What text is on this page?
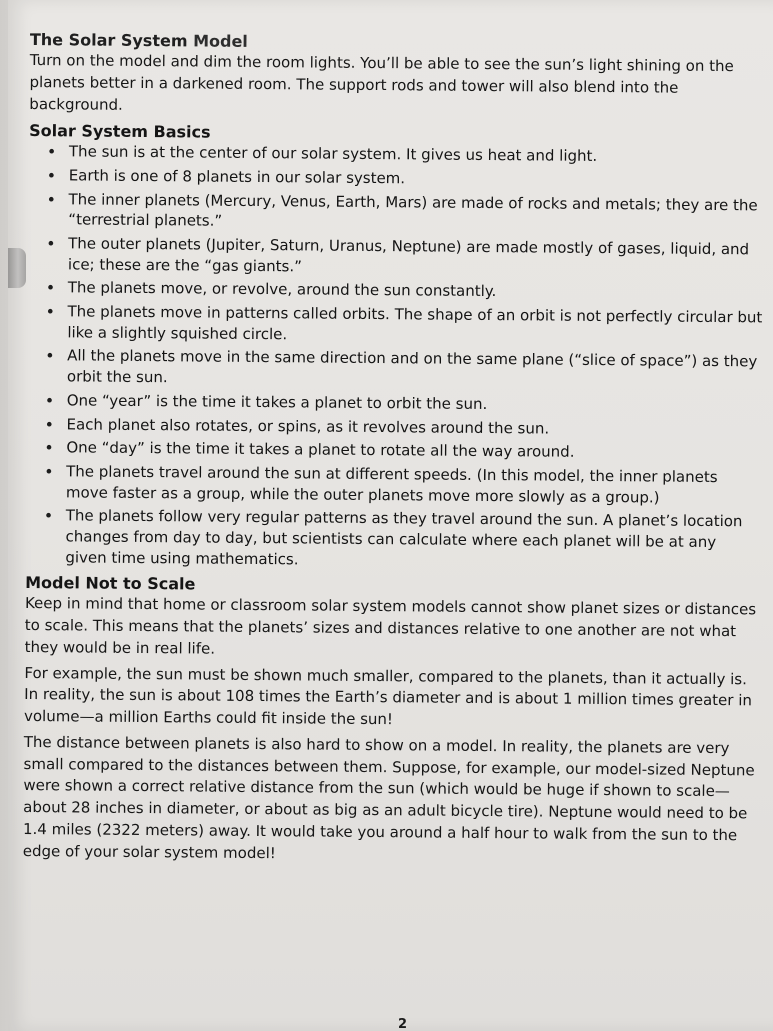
The Solar System Model

Turn on the model and dim the room lights. You’ll be able to see the sun’s light shining on the planets better in a darkened room. The support rods and tower will also blend into the background.

Solar System Basics
• The sun is at the center of our solar system. It gives us heat and light.
• Earth is one of 8 planets in our solar system.
• The inner planets (Mercury, Venus, Earth, Mars) are made of rocks and metals; they are the “terrestrial planets.”
• The outer planets (Jupiter, Saturn, Uranus, Neptune) are made mostly of gases, liquid, and ice; these are the “gas giants.”
• The planets move, or revolve, around the sun constantly.
• The planets move in patterns called orbits. The shape of an orbit is not perfectly circular but like a slightly squished circle.
• All the planets move in the same direction and on the same plane (“slice of space”) as they orbit the sun.
• One “year” is the time it takes a planet to orbit the sun.
• Each planet also rotates, or spins, as it revolves around the sun.
• One “day” is the time it takes a planet to rotate all the way around.
• The planets travel around the sun at different speeds. (In this model, the inner planets move faster as a group, while the outer planets move more slowly as a group.)
• The planets follow very regular patterns as they travel around the sun. A planet’s location changes from day to day, but scientists can calculate where each planet will be at any given time using mathematics.
Model Not to Scale

Keep in mind that home or classroom solar system models cannot show planet sizes or distances to scale. This means that the planets’ sizes and distances relative to one another are not what they would be in real life.

For example, the sun must be shown much smaller, compared to the planets, than it actually is. In reality, the sun is about 108 times the Earth’s diameter and is about 1 million times greater in volume—a million Earths could fit inside the sun!

The distance between planets is also hard to show on a model. In reality, the planets are very small compared to the distances between them. Suppose, for example, our model-sized Neptune were shown a correct relative distance from the sun (which would be huge if shown to scale—about 28 inches in diameter, or about as big as an adult bicycle tire). Neptune would need to be 1.4 miles (2322 meters) away. It would take you around a half hour to walk from the sun to the edge of your solar system model!

2
